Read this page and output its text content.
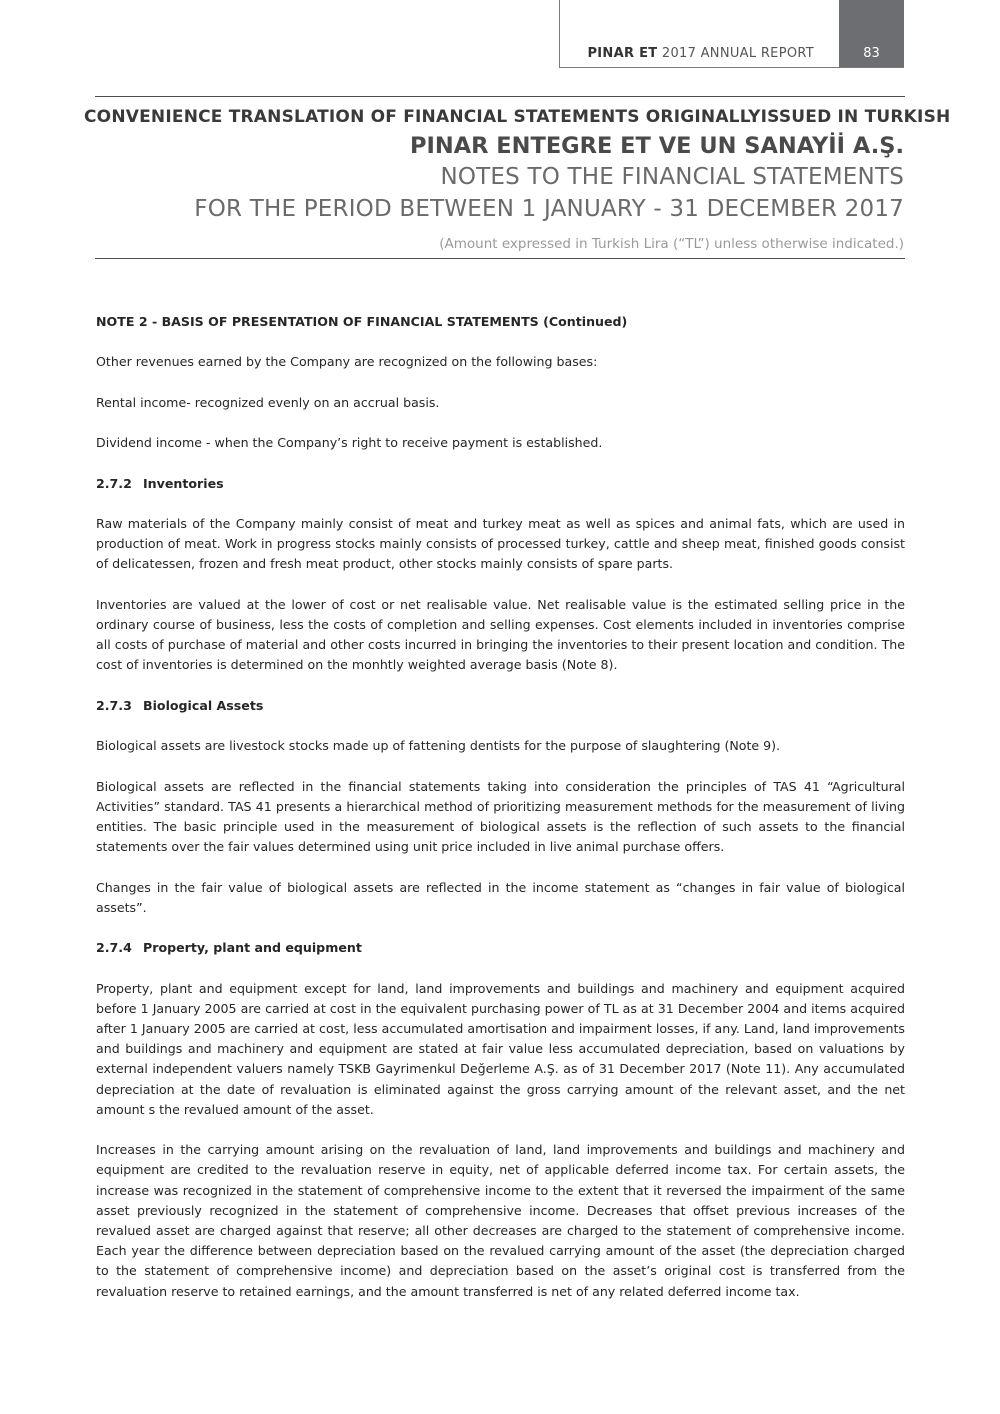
PINAR ET 2017 ANNUAL REPORT	83
CONVENIENCE TRANSLATION OF FINANCIAL STATEMENTS ORIGINALLYISSUED IN TURKISH
PINAR ENTEGRE ET VE UN SANAYİİ A.Ş.
NOTES TO THE FINANCIAL STATEMENTS
FOR THE PERIOD BETWEEN 1 JANUARY - 31 DECEMBER 2017
(Amount expressed in Turkish Lira (“TL”) unless otherwise indicated.)
NOTE 2 - BASIS OF PRESENTATION OF FINANCIAL STATEMENTS (Continued)

Other revenues earned by the Company are recognized on the following bases:

Rental income- recognized evenly on an accrual basis.

Dividend income - when the Company’s right to receive payment is established.

2.7.2 Inventories

Raw materials of the Company mainly consist of meat and turkey meat as well as spices and animal fats, which are used in production of meat. Work in progress stocks mainly consists of processed turkey, cattle and sheep meat, finished goods consist of delicatessen, frozen and fresh meat product, other stocks mainly consists of spare parts.

Inventories are valued at the lower of cost or net realisable value. Net realisable value is the estimated selling price in the ordinary course of business, less the costs of completion and selling expenses. Cost elements included in inventories comprise all costs of purchase of material and other costs incurred in bringing the inventories to their present location and condition. The cost of inventories is determined on the monhtly weighted average basis (Note 8).

2.7.3 Biological Assets

Biological assets are livestock stocks made up of fattening dentists for the purpose of slaughtering (Note 9).

Biological assets are reflected in the financial statements taking into consideration the principles of TAS 41 “Agricultural Activities” standard. TAS 41 presents a hierarchical method of prioritizing measurement methods for the measurement of living entities. The basic principle used in the measurement of biological assets is the reflection of such assets to the financial statements over the fair values determined using unit price included in live animal purchase offers.

Changes in the fair value of biological assets are reflected in the income statement as “changes in fair value of biological assets”.

2.7.4 Property, plant and equipment

Property, plant and equipment except for land, land improvements and buildings and machinery and equipment acquired before 1 January 2005 are carried at cost in the equivalent purchasing power of TL as at 31 December 2004 and items acquired after 1 January 2005 are carried at cost, less accumulated amortisation and impairment losses, if any. Land, land improvements and buildings and machinery and equipment are stated at fair value less accumulated depreciation, based on valuations by external independent valuers namely TSKB Gayrimenkul Değerleme A.Ş. as of 31 December 2017 (Note 11). Any accumulated depreciation at the date of revaluation is eliminated against the gross carrying amount of the relevant asset, and the net amount s the revalued amount of the asset.

Increases in the carrying amount arising on the revaluation of land, land improvements and buildings and machinery and equipment are credited to the revaluation reserve in equity, net of applicable deferred income tax. For certain assets, the increase was recognized in the statement of comprehensive income to the extent that it reversed the impairment of the same asset previously recognized in the statement of comprehensive income. Decreases that offset previous increases of the revalued asset are charged against that reserve; all other decreases are charged to the statement of comprehensive income. Each year the difference between depreciation based on the revalued carrying amount of the asset (the depreciation charged to the statement of comprehensive income) and depreciation based on the asset’s original cost is transferred from the revaluation reserve to retained earnings, and the amount transferred is net of any related deferred income tax.
